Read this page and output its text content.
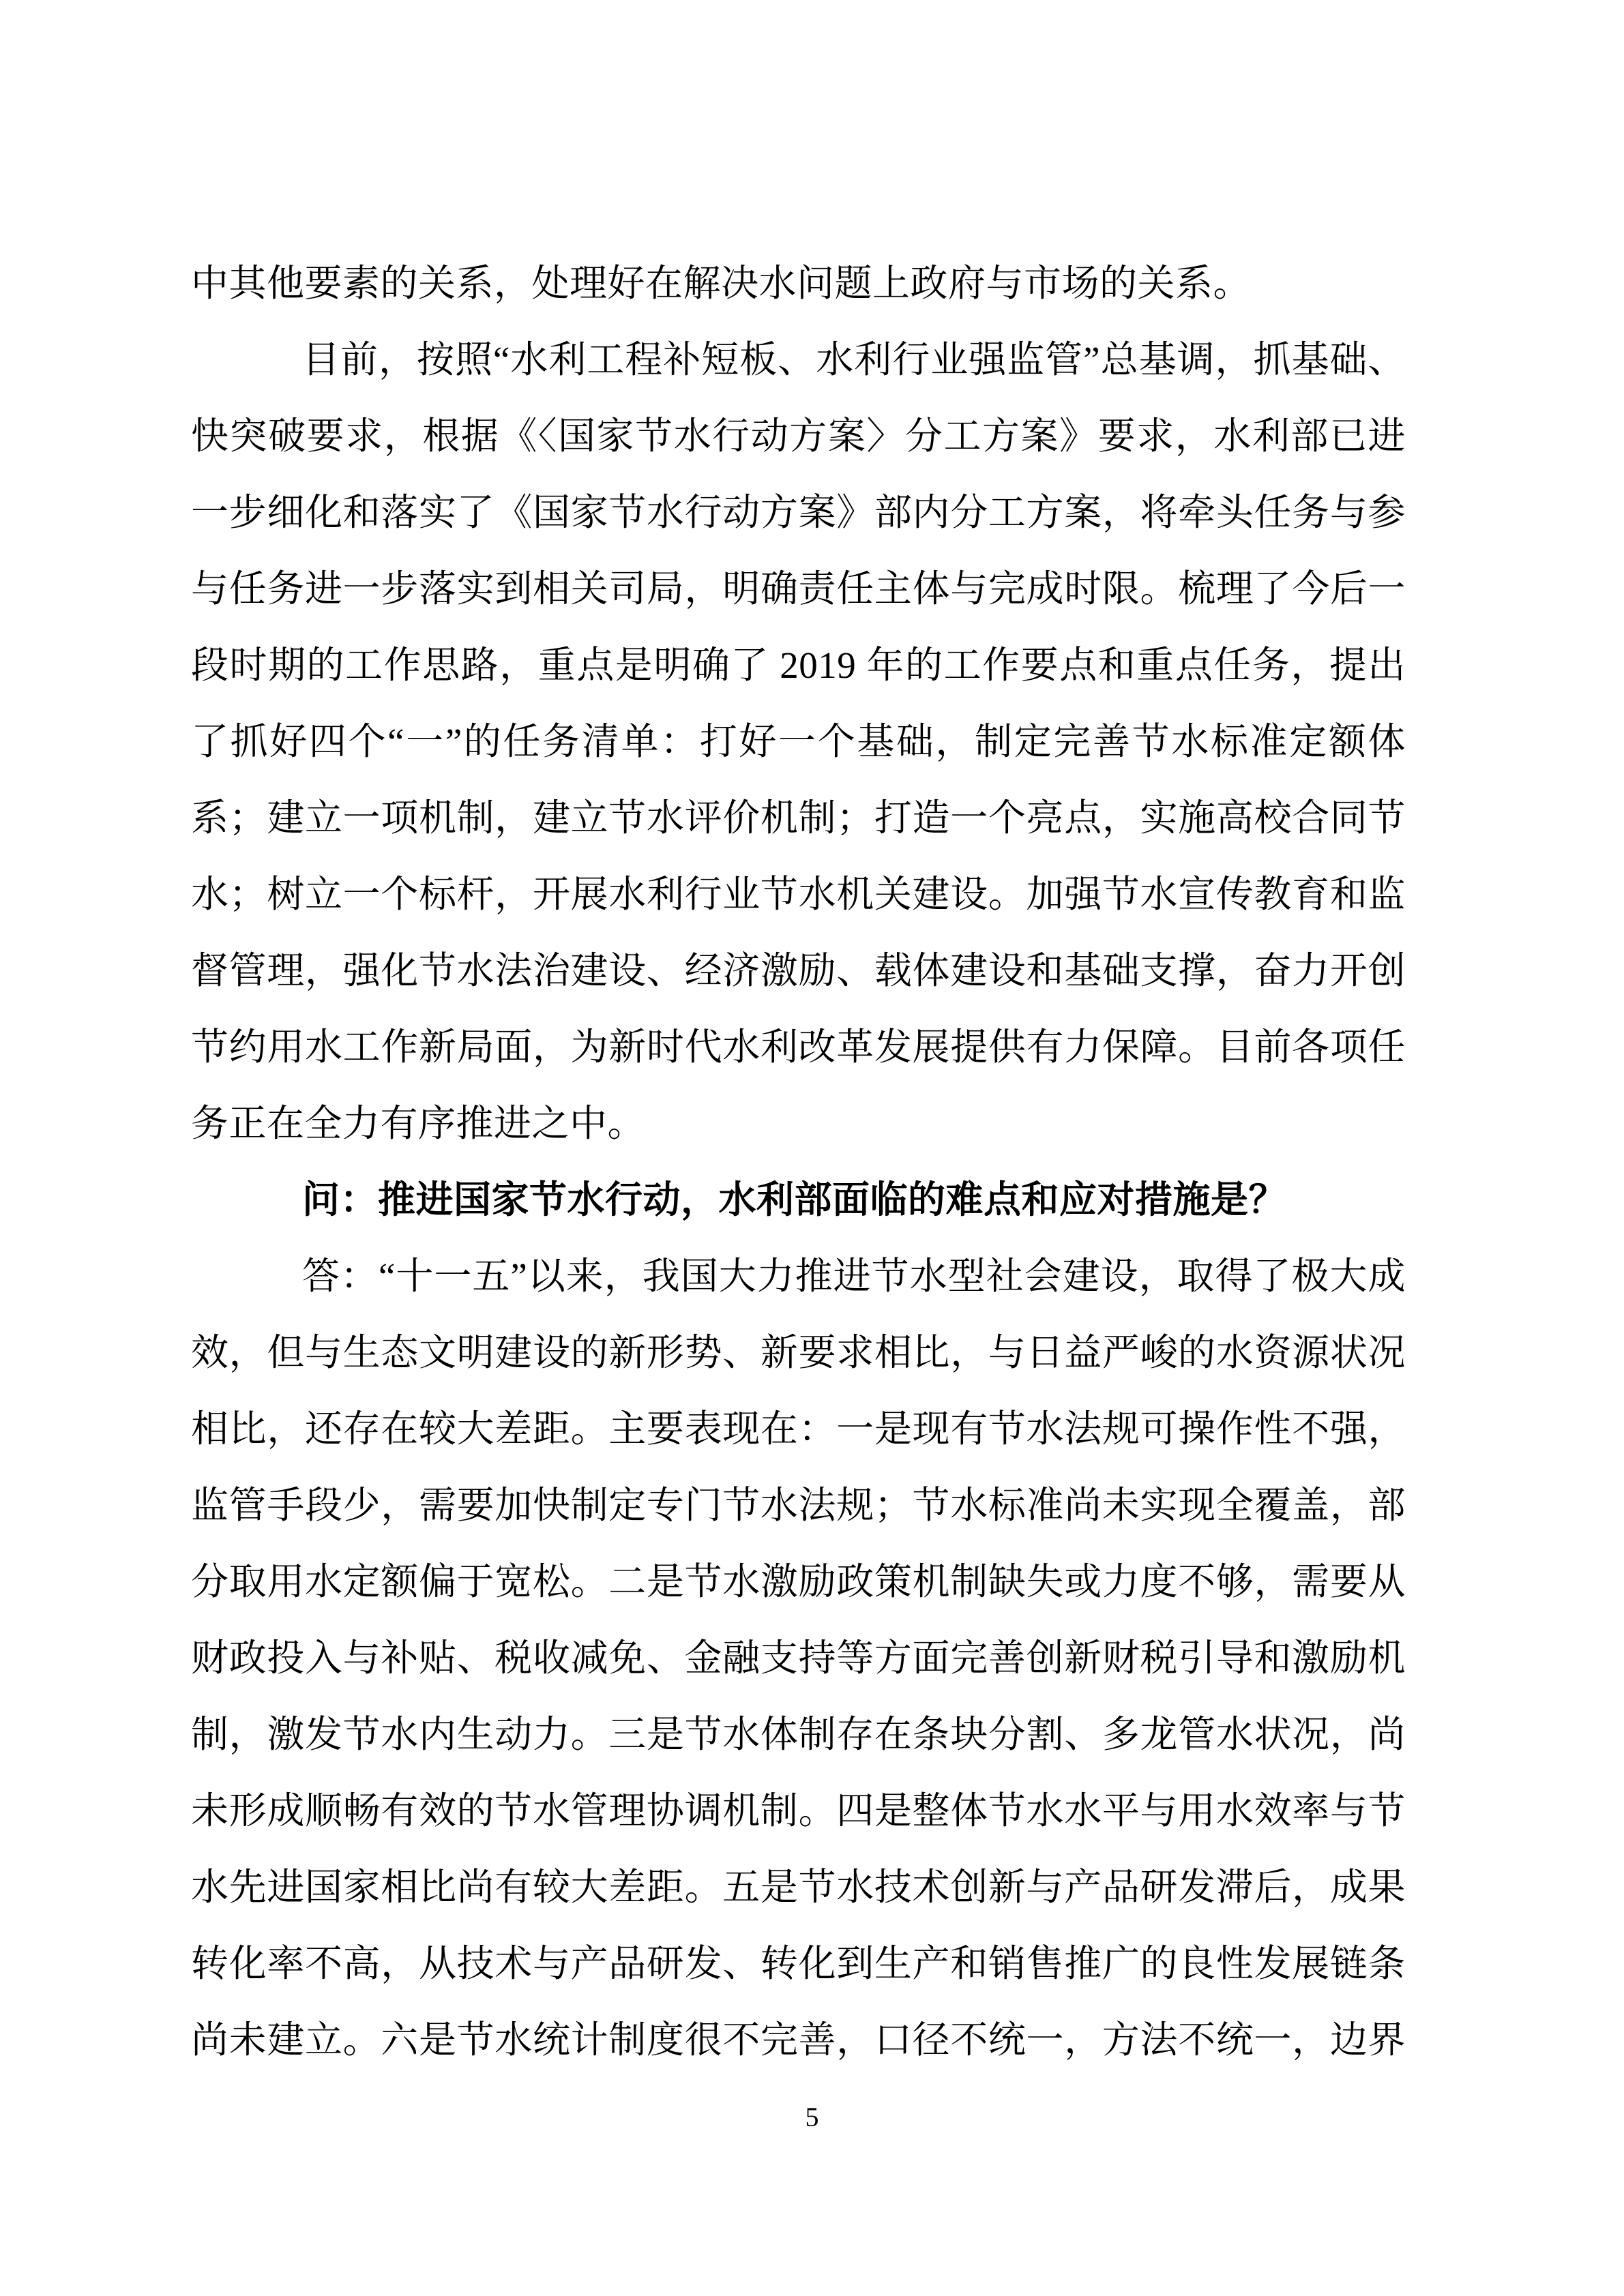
中其他要素的关系，处理好在解决水问题上政府与市场的关系。
目前，按照“水利工程补短板、水利行业强监管”总基调，抓基础、
快突破要求，根据《〈国家节水行动方案〉分工方案》要求，水利部已进
一步细化和落实了《国家节水行动方案》部内分工方案，将牵头任务与参
与任务进一步落实到相关司局，明确责任主体与完成时限。梳理了今后一
段时期的工作思路，重点是明确了 2019 年的工作要点和重点任务，提出
了抓好四个“一”的任务清单：打好一个基础，制定完善节水标准定额体
系；建立一项机制，建立节水评价机制；打造一个亮点，实施高校合同节
水；树立一个标杆，开展水利行业节水机关建设。加强节水宣传教育和监
督管理，强化节水法治建设、经济激励、载体建设和基础支撑，奋力开创
节约用水工作新局面，为新时代水利改革发展提供有力保障。目前各项任
务正在全力有序推进之中。
问：推进国家节水行动，水利部面临的难点和应对措施是？
答：“十一五”以来，我国大力推进节水型社会建设，取得了极大成
效，但与生态文明建设的新形势、新要求相比，与日益严峻的水资源状况
相比，还存在较大差距。主要表现在：一是现有节水法规可操作性不强，
监管手段少，需要加快制定专门节水法规；节水标准尚未实现全覆盖，部
分取用水定额偏于宽松。二是节水激励政策机制缺失或力度不够，需要从
财政投入与补贴、税收减免、金融支持等方面完善创新财税引导和激励机
制，激发节水内生动力。三是节水体制存在条块分割、多龙管水状况，尚
未形成顺畅有效的节水管理协调机制。四是整体节水水平与用水效率与节
水先进国家相比尚有较大差距。五是节水技术创新与产品研发滞后，成果
转化率不高，从技术与产品研发、转化到生产和销售推广的良性发展链条
尚未建立。六是节水统计制度很不完善，口径不统一，方法不统一，边界
5
